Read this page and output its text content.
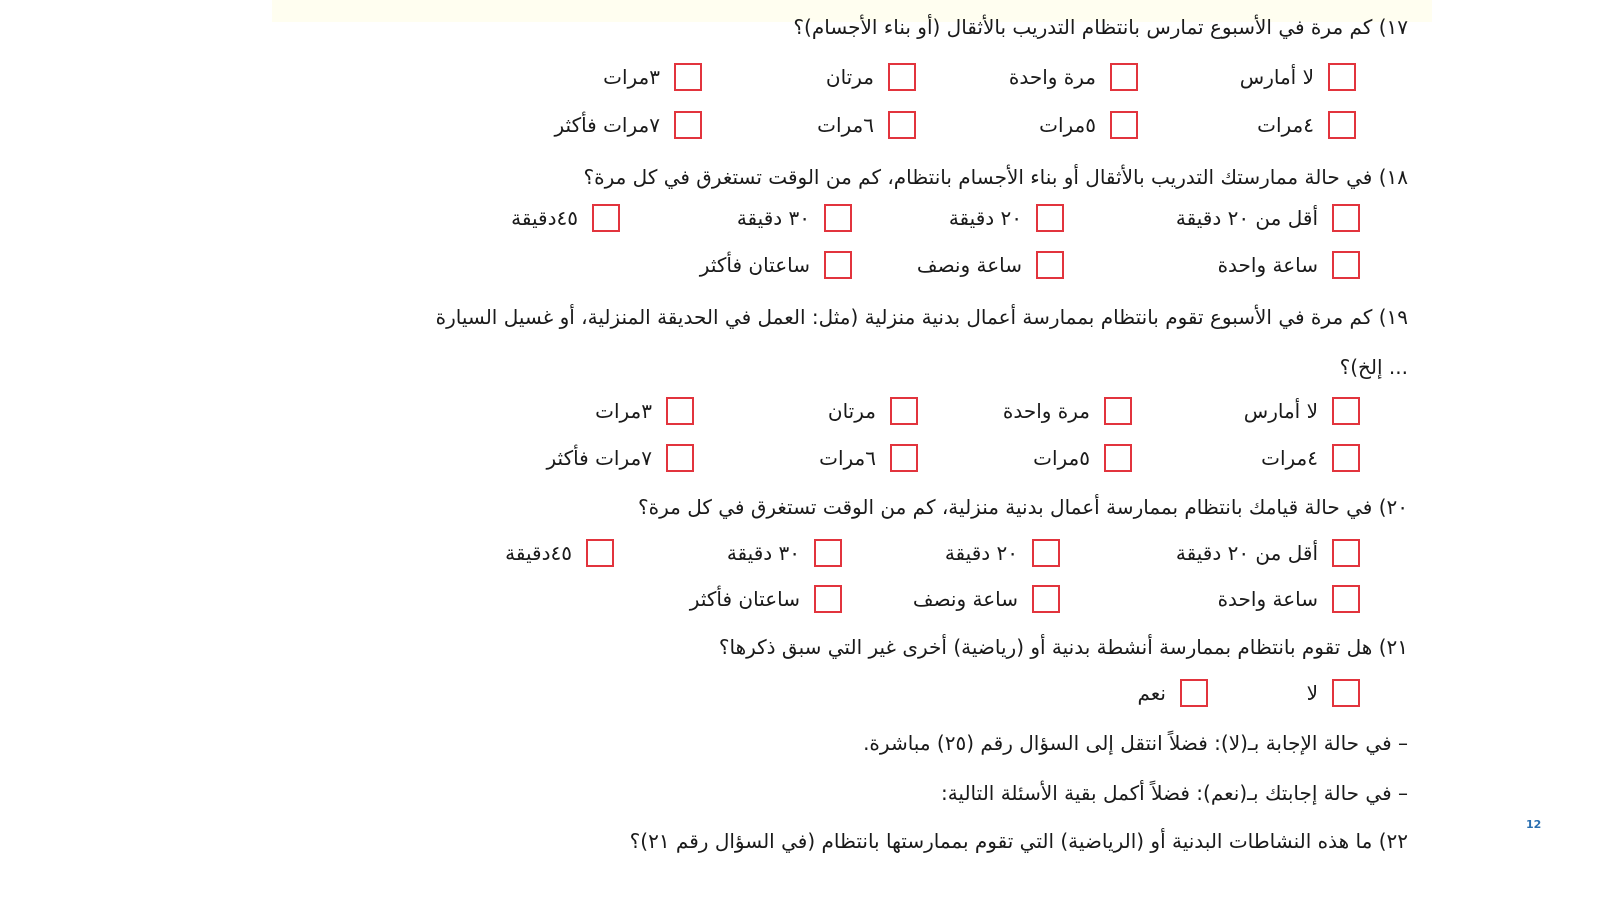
١٧) كم مرة في الأسبوع تمارس بانتظام التدريب بالأثقال (أو بناء الأجسام)؟
لا أمارس
مرة واحدة
مرتان
٣مرات
٤مرات
٥مرات
٦مرات
٧مرات فأكثر
١٨) في حالة ممارستك التدريب بالأثقال أو بناء الأجسام بانتظام، كم من الوقت تستغرق في كل مرة؟
أقل من ٢٠ دقيقة
٢٠ دقيقة
٣٠ دقيقة
٤٥دقيقة
ساعة واحدة
ساعة ونصف
ساعتان فأكثر
١٩) كم مرة في الأسبوع تقوم بانتظام بممارسة أعمال بدنية منزلية (مثل: العمل في الحديقة المنزلية، أو غسيل السيارة
... إلخ)؟
لا أمارس
مرة واحدة
مرتان
٣مرات
٤مرات
٥مرات
٦مرات
٧مرات فأكثر
٢٠) في حالة قيامك بانتظام بممارسة أعمال بدنية منزلية، كم من الوقت تستغرق في كل مرة؟
أقل من ٢٠ دقيقة
٢٠ دقيقة
٣٠ دقيقة
٤٥دقيقة
ساعة واحدة
ساعة ونصف
ساعتان فأكثر
٢١) هل تقوم بانتظام بممارسة أنشطة بدنية أو (رياضية) أخرى غير التي سبق ذكرها؟
لا
نعم
– في حالة الإجابة بـ(لا): فضلاً انتقل إلى السؤال رقم (٢٥) مباشرة.
– في حالة إجابتك بـ(نعم): فضلاً أكمل بقية الأسئلة التالية:
٢٢) ما هذه النشاطات البدنية أو (الرياضية) التي تقوم بممارستها بانتظام (في السؤال رقم ٢١)؟
12
